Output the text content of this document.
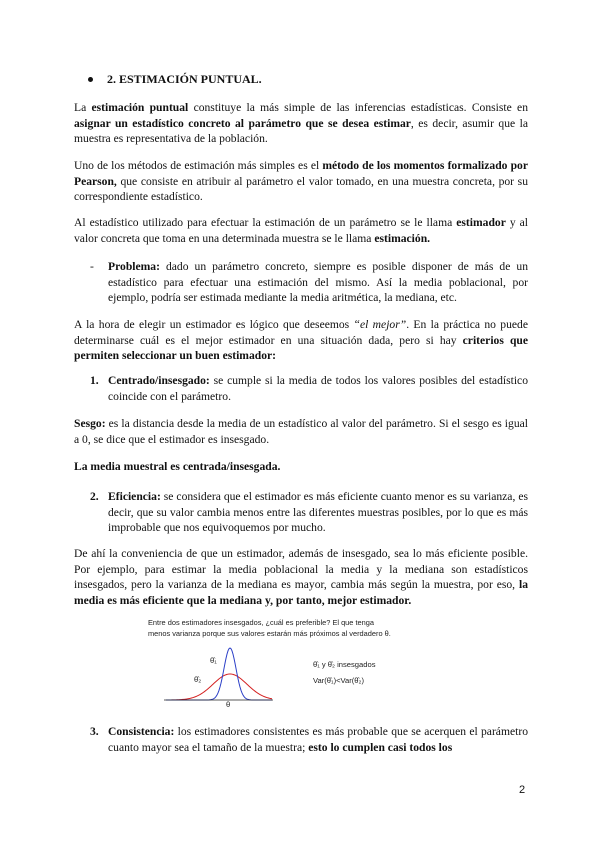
2. ESTIMACIÓN PUNTUAL.

La estimación puntual constituye la más simple de las inferencias estadísticas. Consiste en asignar un estadístico concreto al parámetro que se desea estimar, es decir, asumir que la muestra es representativa de la población.

Uno de los métodos de estimación más simples es el método de los momentos formalizado por Pearson, que consiste en atribuir al parámetro el valor tomado, en una muestra concreta, por su correspondiente estadístico.

Al estadístico utilizado para efectuar la estimación de un parámetro se le llama estimador y al valor concreta que toma en una determinada muestra se le llama estimación.

- Problema: dado un parámetro concreto, siempre es posible disponer de más de un estadístico para efectuar una estimación del mismo. Así la media poblacional, por ejemplo, podría ser estimada mediante la media aritmética, la mediana, etc.

A la hora de elegir un estimador es lógico que deseemos “el mejor”. En la práctica no puede determinarse cuál es el mejor estimador en una situación dada, pero si hay criterios que permiten seleccionar un buen estimador:

1. Centrado/insesgado: se cumple si la media de todos los valores posibles del estadístico coincide con el parámetro.

Sesgo: es la distancia desde la media de un estadístico al valor del parámetro. Si el sesgo es igual a 0, se dice que el estimador es insesgado.

La media muestral es centrada/insesgada.

2. Eficiencia: se considera que el estimador es más eficiente cuanto menor es su varianza, es decir, que su valor cambia menos entre las diferentes muestras posibles, por lo que es más improbable que nos equivoquemos por mucho.

De ahí la conveniencia de que un estimador, además de insesgado, sea lo más eficiente posible. Por ejemplo, para estimar la media poblacional la media y la mediana son estadísticos insesgados, pero la varianza de la mediana es mayor, cambia más según la muestra, por eso, la media es más eficiente que la mediana y, por tanto, mejor estimador.

Entre dos estimadores insesgados, ¿cuál es preferible? El que tenga
menos varianza porque sus valores estarán más próximos al verdadero θ.
θ̂₁
θ̂₂
θ̂₁ y θ̂₂ insesgados
Var(θ̂₁)<Var(θ̂₂)
θ
3. Consistencia: los estimadores consistentes es más probable que se acerquen el parámetro cuanto mayor sea el tamaño de la muestra; esto lo cumplen casi todos los

2
